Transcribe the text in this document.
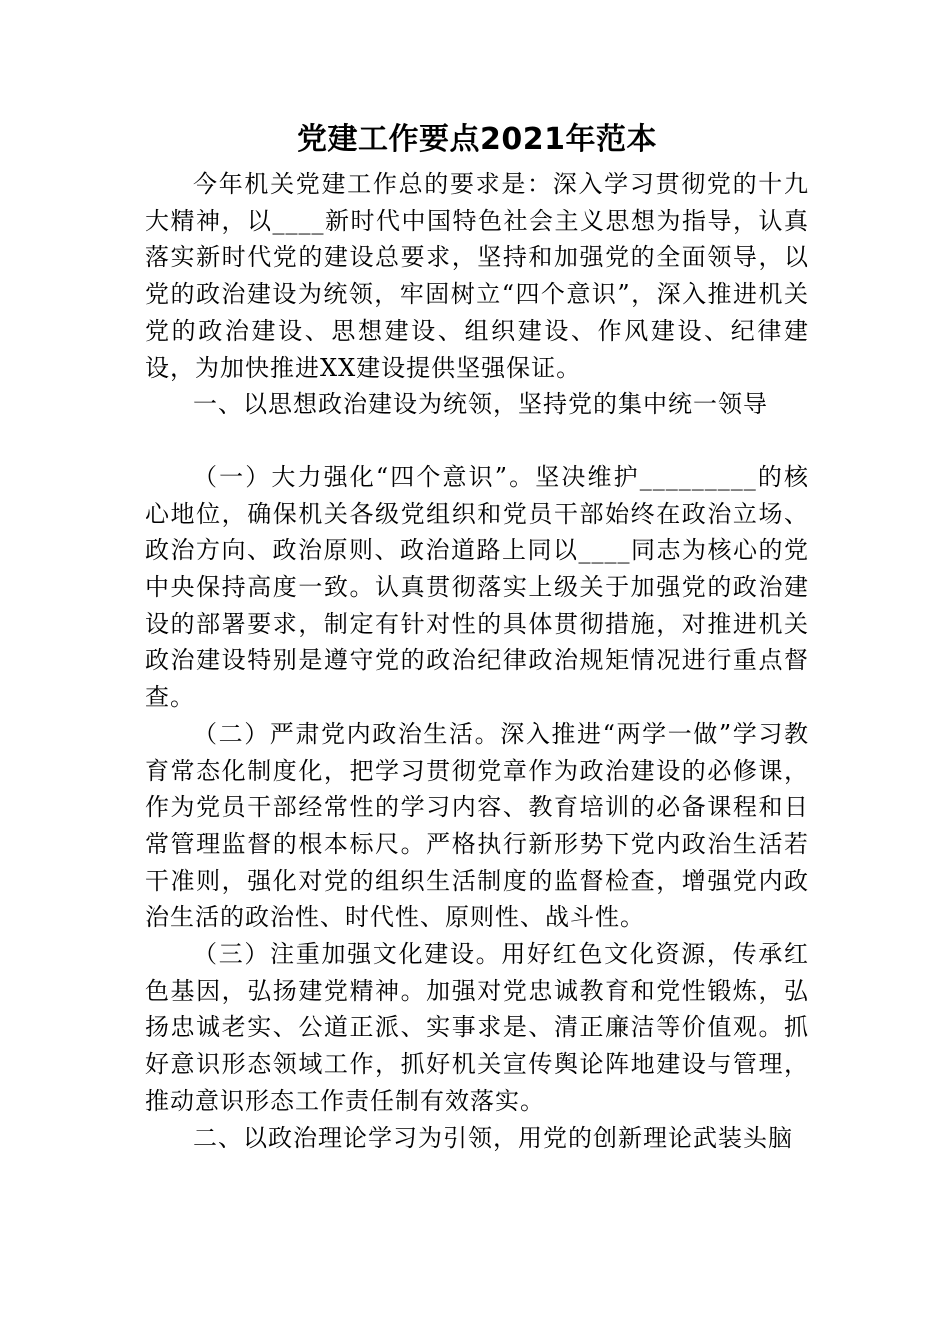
党建工作要点2021年范本

今年机关党建工作总的要求是：深入学习贯彻党的十九大精神，以____新时代中国特色社会主义思想为指导，认真落实新时代党的建设总要求，坚持和加强党的全面领导，以党的政治建设为统领，牢固树立“四个意识”，深入推进机关党的政治建设、思想建设、组织建设、作风建设、纪律建设，为加快推进XX建设提供坚强保证。

一、以思想政治建设为统领，坚持党的集中统一领导

（一）大力强化“四个意识”。坚决维护_________的核心地位，确保机关各级党组织和党员干部始终在政治立场、政治方向、政治原则、政治道路上同以____同志为核心的党中央保持高度一致。认真贯彻落实上级关于加强党的政治建设的部署要求，制定有针对性的具体贯彻措施，对推进机关政治建设特别是遵守党的政治纪律政治规矩情况进行重点督查。

（二）严肃党内政治生活。深入推进“两学一做”学习教育常态化制度化，把学习贯彻党章作为政治建设的必修课，作为党员干部经常性的学习内容、教育培训的必备课程和日常管理监督的根本标尺。严格执行新形势下党内政治生活若干准则，强化对党的组织生活制度的监督检查，增强党内政治生活的政治性、时代性、原则性、战斗性。

（三）注重加强文化建设。用好红色文化资源，传承红色基因，弘扬建党精神。加强对党忠诚教育和党性锻炼，弘扬忠诚老实、公道正派、实事求是、清正廉洁等价值观。抓好意识形态领域工作，抓好机关宣传舆论阵地建设与管理，推动意识形态工作责任制有效落实。

二、以政治理论学习为引领，用党的创新理论武装头脑
